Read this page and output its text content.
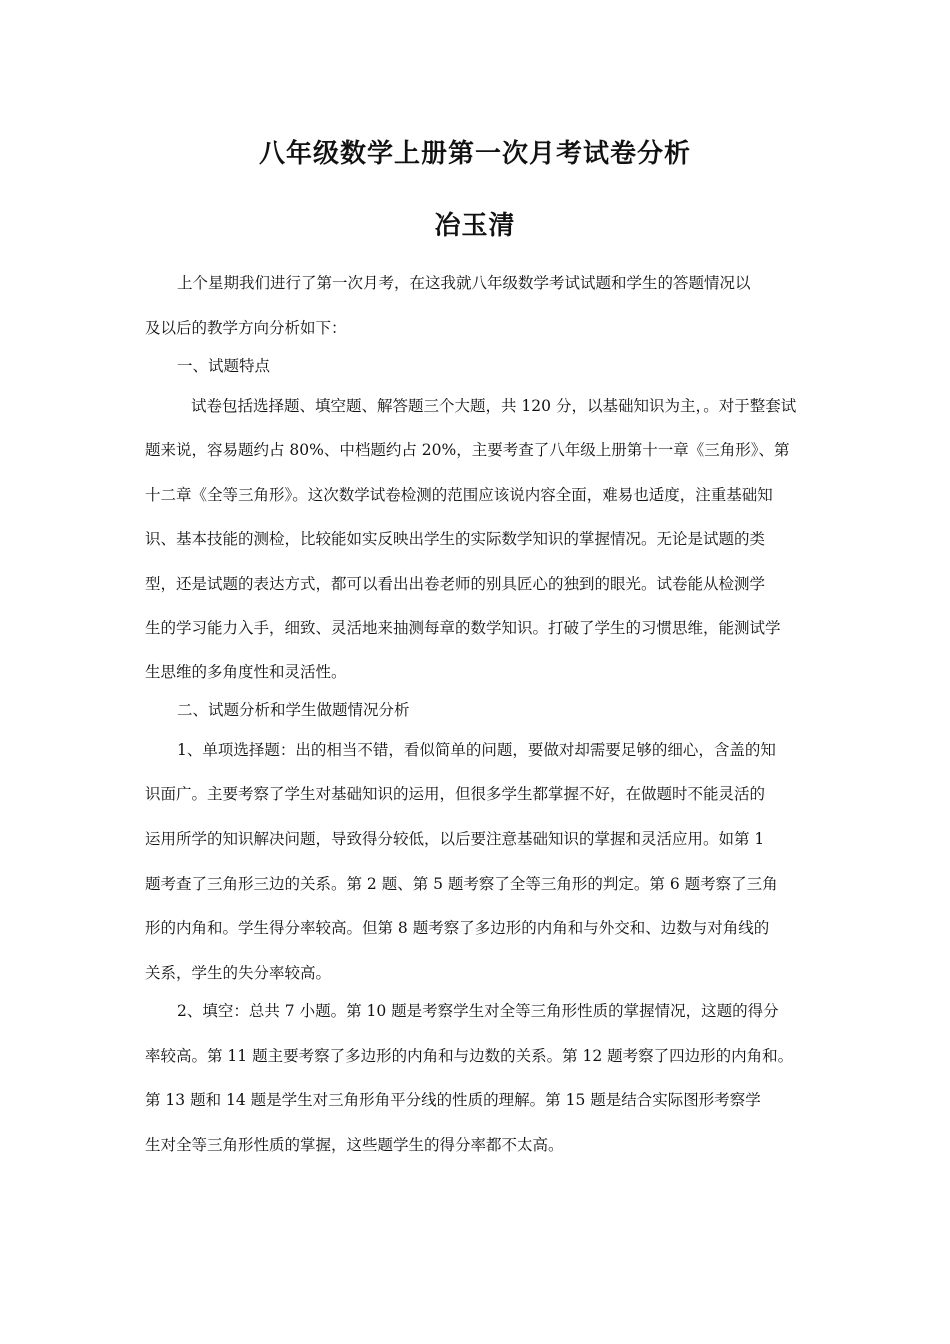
八年级数学上册第一次月考试卷分析
冶玉清

上个星期我们进行了第一次月考，在这我就八年级数学考试试题和学生的答题情况以

及以后的教学方向分析如下：

一、试题特点

试卷包括选择题、填空题、解答题三个大题，共 120 分，以基础知识为主，。对于整套试

题来说，容易题约占 80%、中档题约占 20%，主要考查了八年级上册第十一章《三角形》、第

十二章《全等三角形》。这次数学试卷检测的范围应该说内容全面，难易也适度，注重基础知

识、基本技能的测检，比较能如实反映出学生的实际数学知识的掌握情况。无论是试题的类

型，还是试题的表达方式，都可以看出出卷老师的别具匠心的独到的眼光。试卷能从检测学

生的学习能力入手，细致、灵活地来抽测每章的数学知识。打破了学生的习惯思维，能测试学

生思维的多角度性和灵活性。

二、试题分析和学生做题情况分析

1、单项选择题：出的相当不错，看似简单的问题，要做对却需要足够的细心，含盖的知

识面广。主要考察了学生对基础知识的运用，但很多学生都掌握不好，在做题时不能灵活的

运用所学的知识解决问题，导致得分较低，以后要注意基础知识的掌握和灵活应用。如第 1

题考查了三角形三边的关系。第 2 题、第 5 题考察了全等三角形的判定。第 6 题考察了三角

形的内角和。学生得分率较高。但第 8 题考察了多边形的内角和与外交和、边数与对角线的

关系，学生的失分率较高。

2、填空：总共 7 小题。第 10 题是考察学生对全等三角形性质的掌握情况，这题的得分

率较高。第 11 题主要考察了多边形的内角和与边数的关系。第 12 题考察了四边形的内角和。

第 13 题和 14 题是学生对三角形角平分线的性质的理解。第 15 题是结合实际图形考察学

生对全等三角形性质的掌握，这些题学生的得分率都不太高。
